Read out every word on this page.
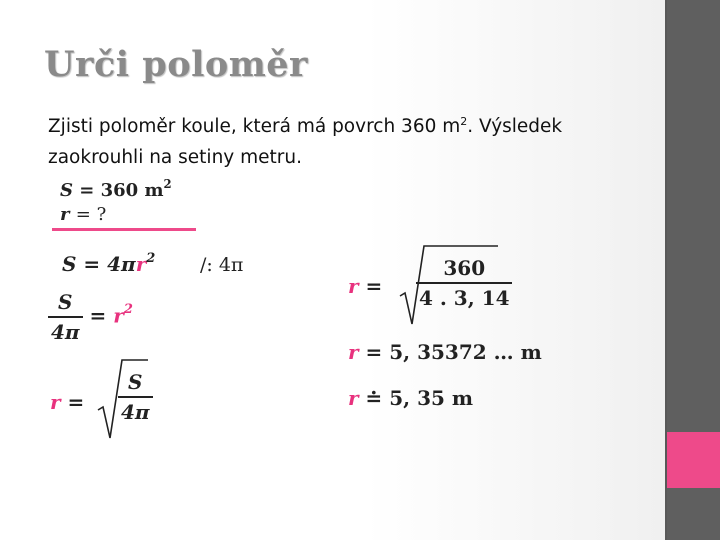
Urči poloměr
Zjisti poloměr koule, která má povrch 360 $m^2$. Výsledek zaokrouhli na setiny metru.
S = 360 $m^2$
r = ?
$S = 4\pi r^2$ /: 4π
$\frac{S}{4\pi} = r^2$
$r = \frac{S}{4\pi}$
$r = \frac{360}{4 . 3, 14}$
r = 5, 35372 … m
r ≐ 5, 35 m
